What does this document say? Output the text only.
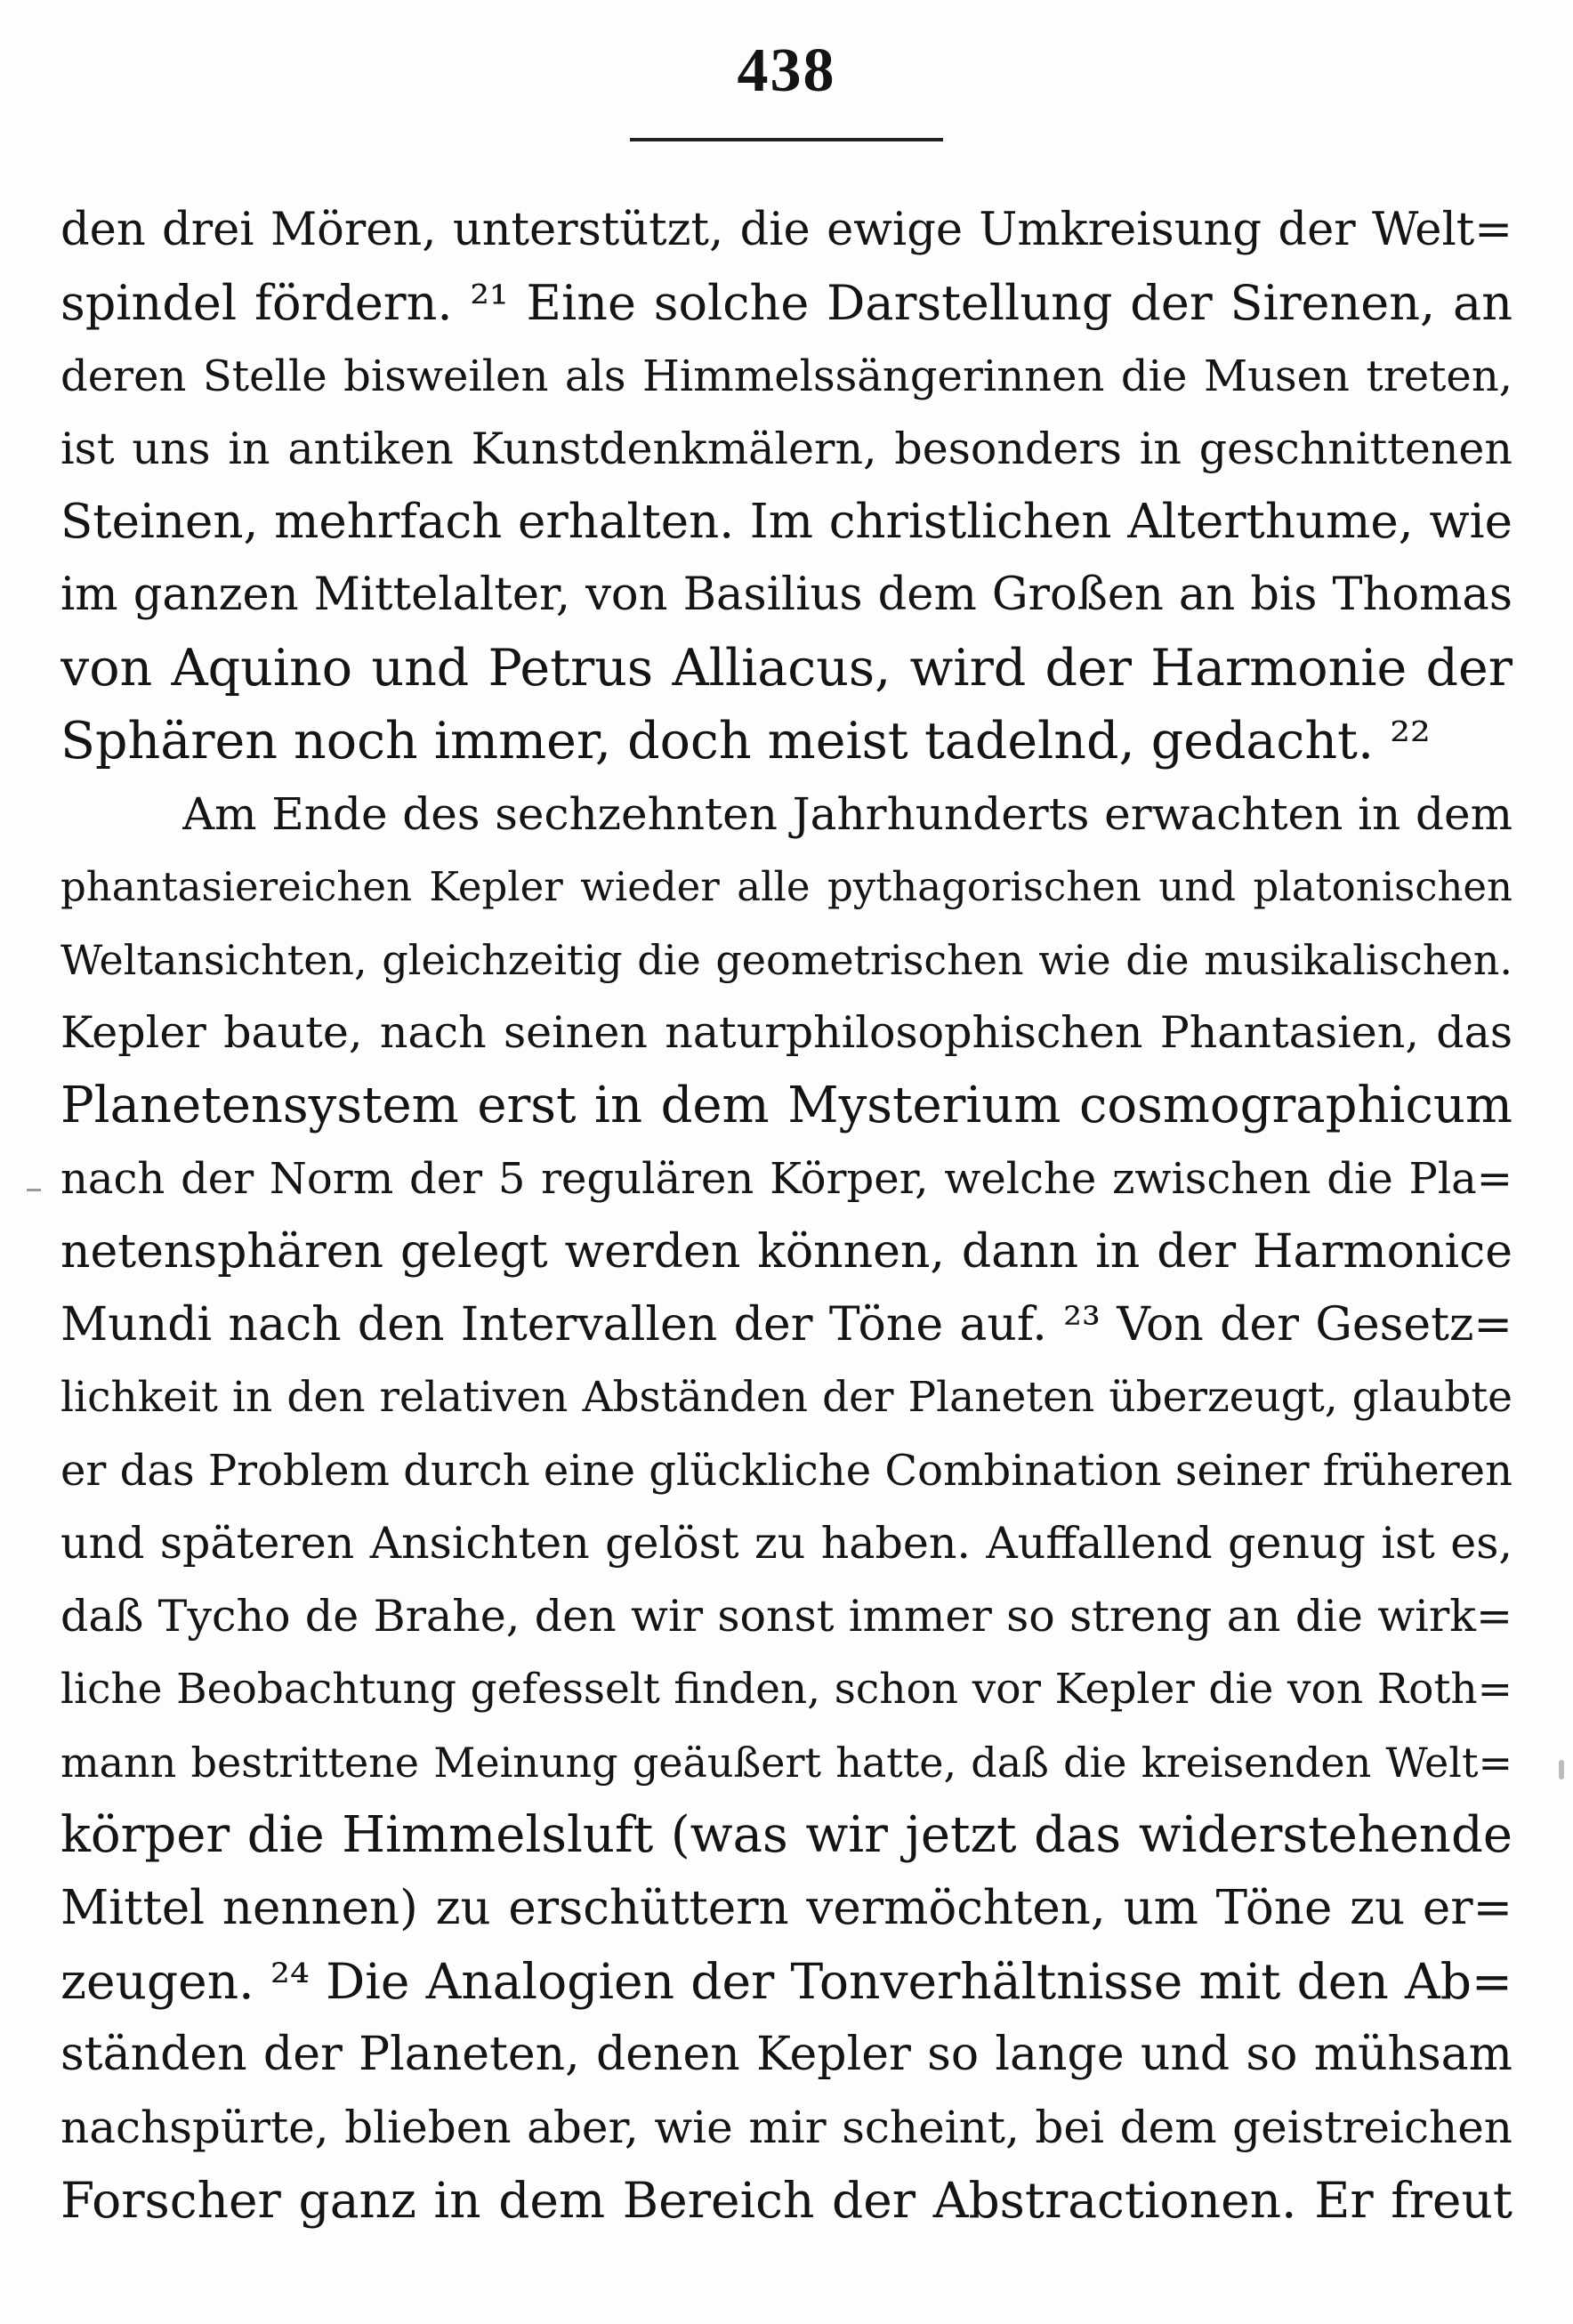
438
den drei Mören, unterstützt, die ewige Umkreisung der Welt=
spindel fördern. ²¹ Eine solche Darstellung der Sirenen, an
deren Stelle bisweilen als Himmelssängerinnen die Musen treten,
ist uns in antiken Kunstdenkmälern, besonders in geschnittenen
Steinen, mehrfach erhalten. Im christlichen Alterthume, wie
im ganzen Mittelalter, von Basilius dem Großen an bis Thomas
von Aquino und Petrus Alliacus, wird der Harmonie der
Sphären noch immer, doch meist tadelnd, gedacht. ²²
Am Ende des sechzehnten Jahrhunderts erwachten in dem
phantasiereichen Kepler wieder alle pythagorischen und platonischen
Weltansichten, gleichzeitig die geometrischen wie die musikalischen.
Kepler baute, nach seinen naturphilosophischen Phantasien, das
Planetensystem erst in dem Mysterium cosmographicum
nach der Norm der 5 regulären Körper, welche zwischen die Pla=
netensphären gelegt werden können, dann in der Harmonice
Mundi nach den Intervallen der Töne auf. ²³ Von der Gesetz=
lichkeit in den relativen Abständen der Planeten überzeugt, glaubte
er das Problem durch eine glückliche Combination seiner früheren
und späteren Ansichten gelöst zu haben. Auffallend genug ist es,
daß Tycho de Brahe, den wir sonst immer so streng an die wirk=
liche Beobachtung gefesselt finden, schon vor Kepler die von Roth=
mann bestrittene Meinung geäußert hatte, daß die kreisenden Welt=
körper die Himmelsluft (was wir jetzt das widerstehende
Mittel nennen) zu erschüttern vermöchten, um Töne zu er=
zeugen. ²⁴ Die Analogien der Tonverhältnisse mit den Ab=
ständen der Planeten, denen Kepler so lange und so mühsam
nachspürte, blieben aber, wie mir scheint, bei dem geistreichen
Forscher ganz in dem Bereich der Abstractionen. Er freut
